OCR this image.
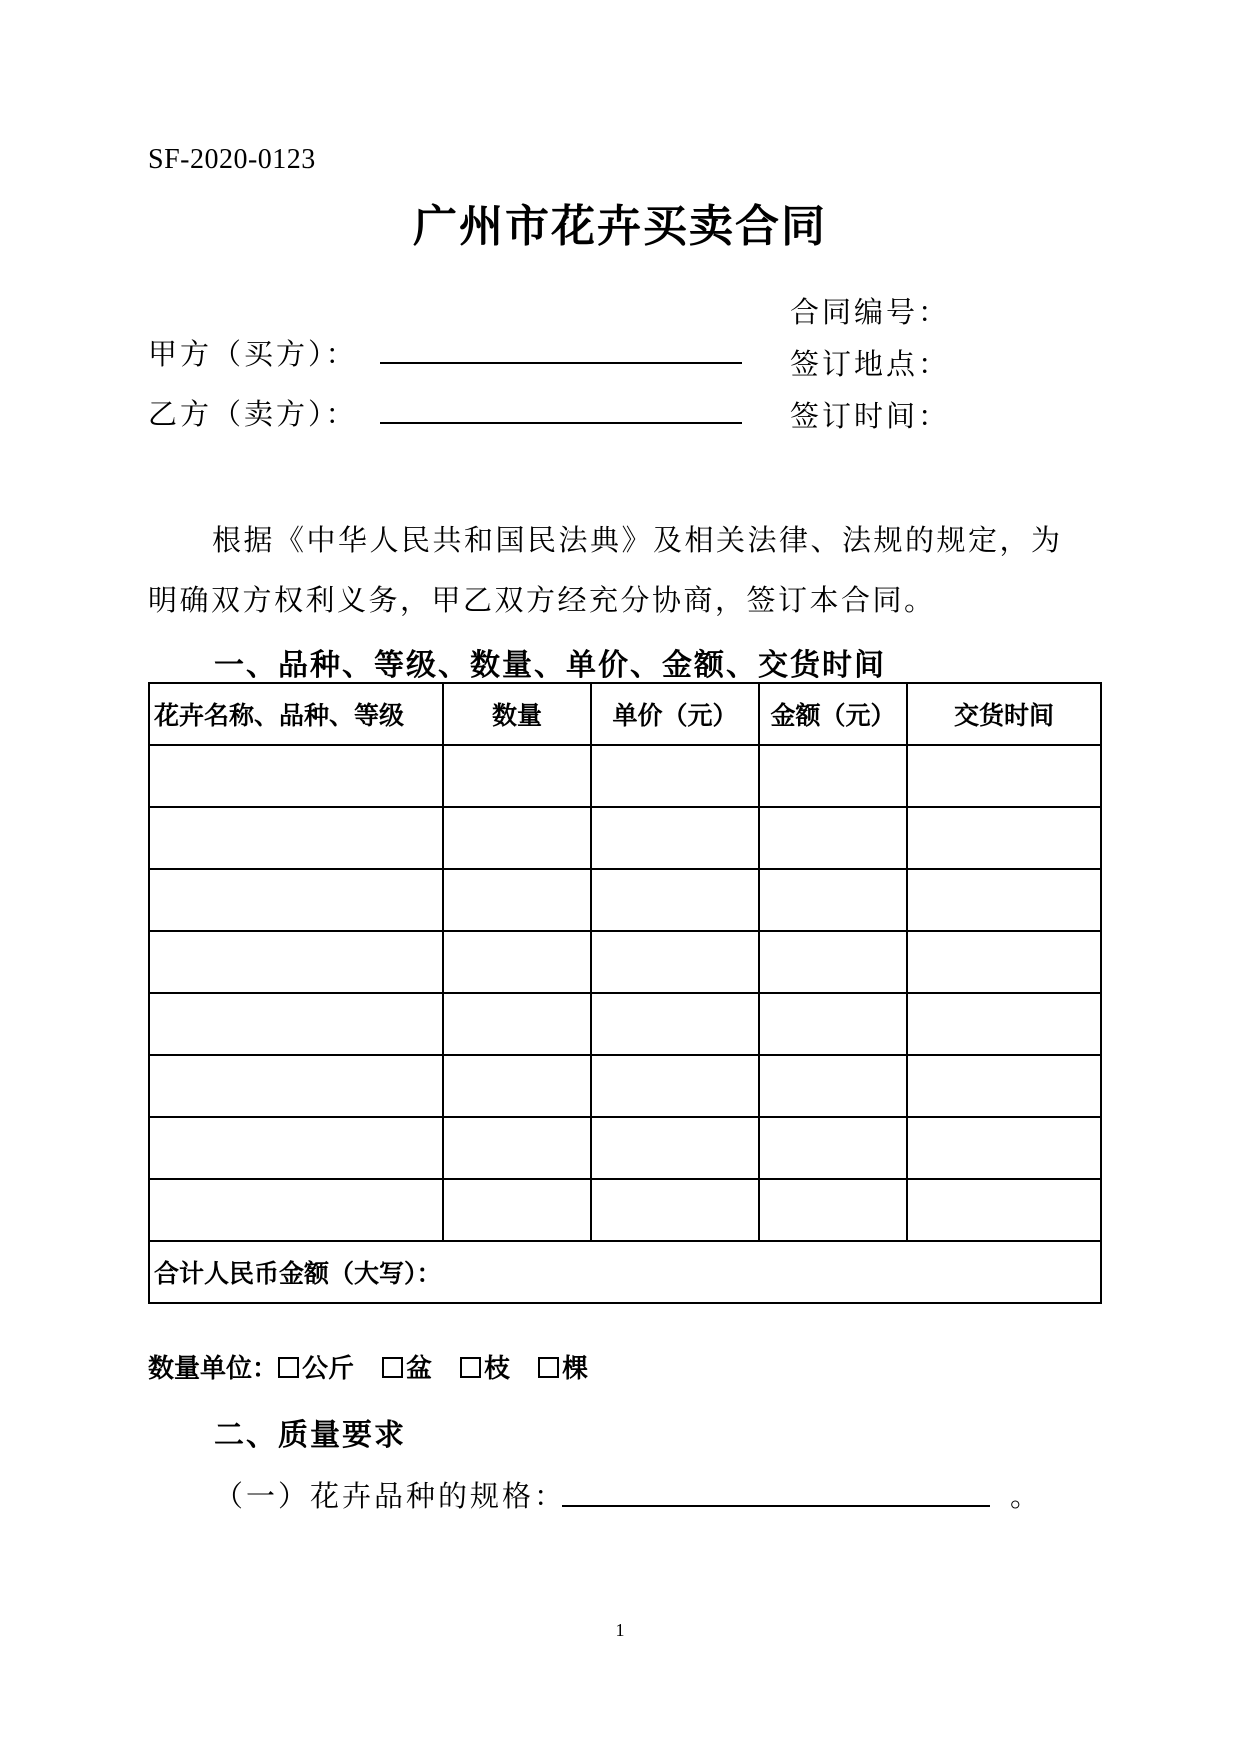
SF-2020-0123
广州市花卉买卖合同
甲方（买方）：
乙方（卖方）：
合同编号：
签订地点：
签订时间：
根据《中华人民共和国民法典》及相关法律、法规的规定，为
明确双方权利义务，甲乙双方经充分协商，签订本合同。
一、品种、等级、数量、单价、金额、交货时间
花卉名称、品种、等级	数量	单价（元）	金额（元）	交货时间

合计人民币金额（大写）：				
数量单位： 公斤 盆 枝 棵
二、质量要求
（一）花卉品种的规格：	。
1
